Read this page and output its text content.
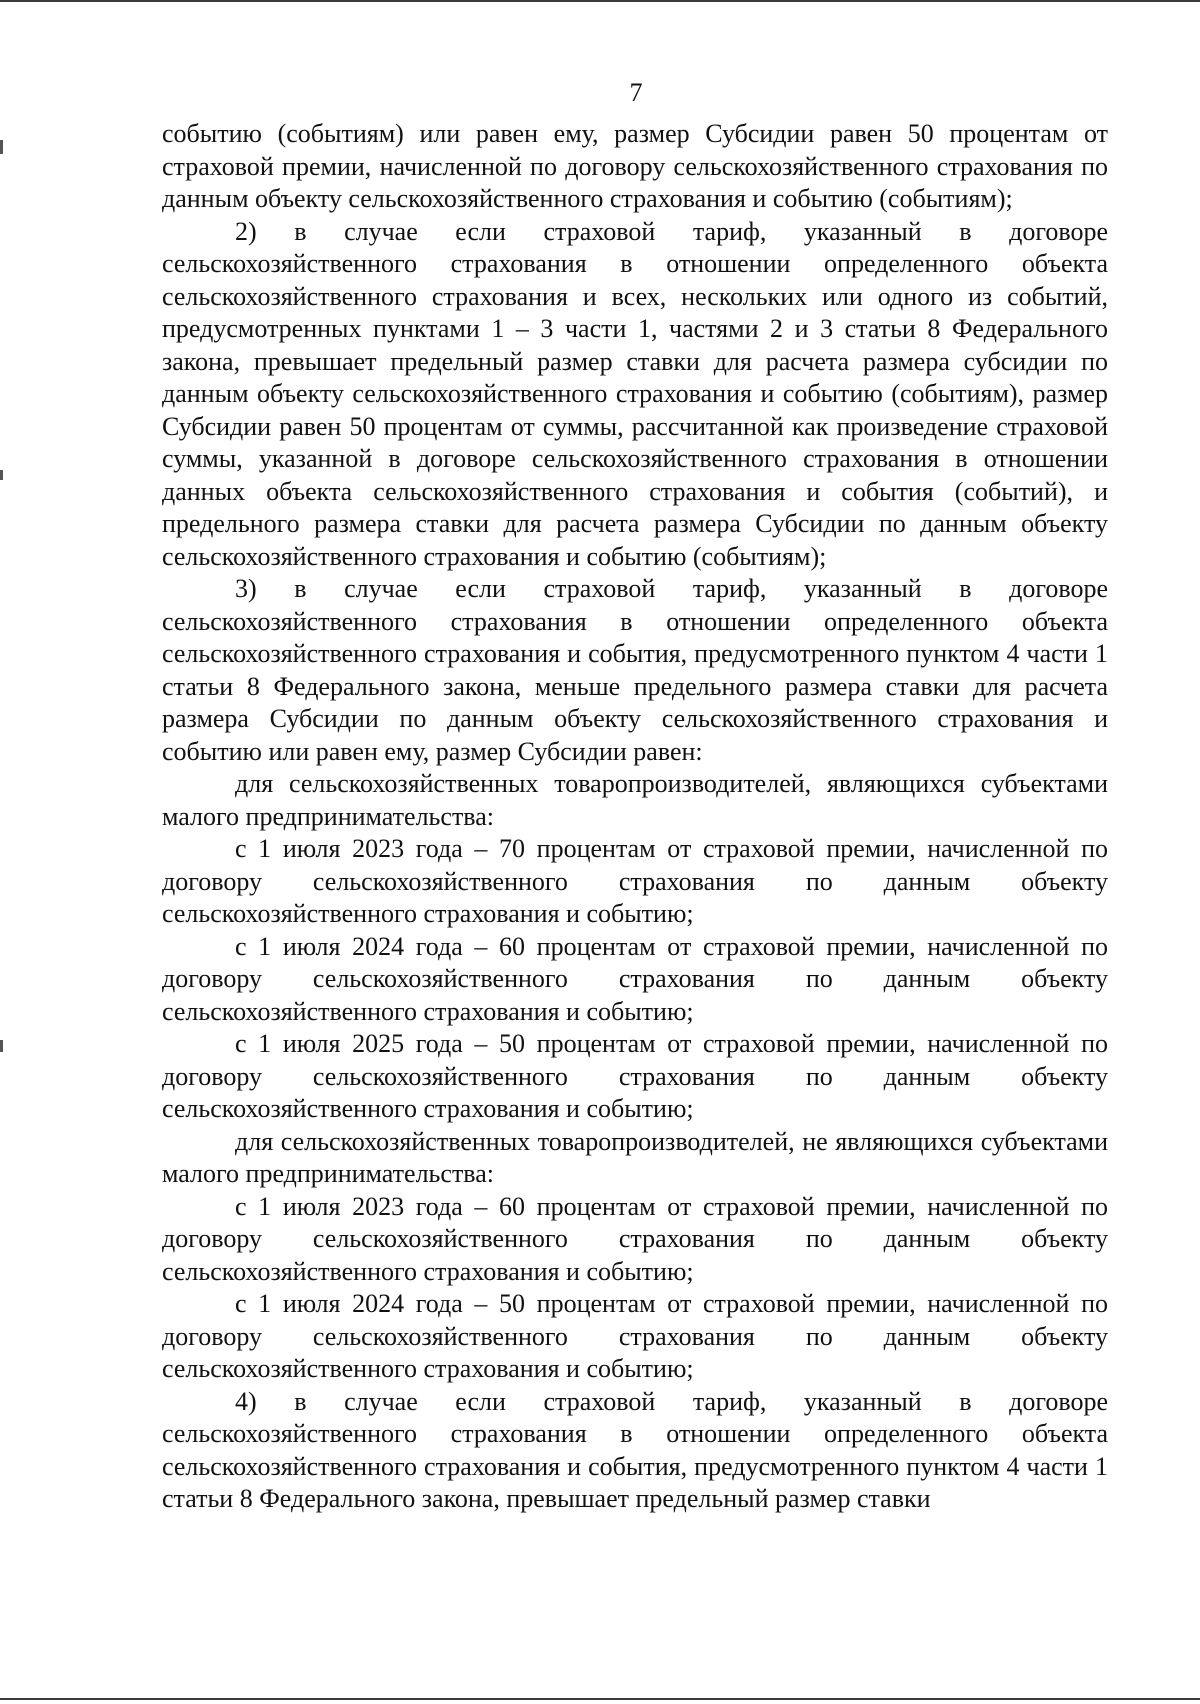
7

событию (событиям) или равен ему, размер Субсидии равен 50 процентам от страховой премии, начисленной по договору сельскохозяйственного страхования по данным объекту сельскохозяйственного страхования и событию (событиям);

2) в случае если страховой тариф, указанный в договоре сельскохозяйственного страхования в отношении определенного объекта сельскохозяйственного страхования и всех, нескольких или одного из событий, предусмотренных пунктами 1 – 3 части 1, частями 2 и 3 статьи 8 Федерального закона, превышает предельный размер ставки для расчета размера субсидии по данным объекту сельскохозяйственного страхования и событию (событиям), размер Субсидии равен 50 процентам от суммы, рассчитанной как произведение страховой суммы, указанной в договоре сельскохозяйственного страхования в отношении данных объекта сельскохозяйственного страхования и события (событий), и предельного размера ставки для расчета размера Субсидии по данным объекту сельскохозяйственного страхования и событию (событиям);

3) в случае если страховой тариф, указанный в договоре сельскохозяйственного страхования в отношении определенного объекта сельскохозяйственного страхования и события, предусмотренного пунктом 4 части 1 статьи 8 Федерального закона, меньше предельного размера ставки для расчета размера Субсидии по данным объекту сельскохозяйственного страхования и событию или равен ему, размер Субсидии равен:

для сельскохозяйственных товаропроизводителей, являющихся субъектами малого предпринимательства:

с 1 июля 2023 года – 70 процентам от страховой премии, начисленной по договору сельскохозяйственного страхования по данным объекту сельскохозяйственного страхования и событию;

с 1 июля 2024 года – 60 процентам от страховой премии, начисленной по договору сельскохозяйственного страхования по данным объекту сельскохозяйственного страхования и событию;

с 1 июля 2025 года – 50 процентам от страховой премии, начисленной по договору сельскохозяйственного страхования по данным объекту сельскохозяйственного страхования и событию;

для сельскохозяйственных товаропроизводителей, не являющихся субъектами малого предпринимательства:

с 1 июля 2023 года – 60 процентам от страховой премии, начисленной по договору сельскохозяйственного страхования по данным объекту сельскохозяйственного страхования и событию;

с 1 июля 2024 года – 50 процентам от страховой премии, начисленной по договору сельскохозяйственного страхования по данным объекту сельскохозяйственного страхования и событию;

4) в случае если страховой тариф, указанный в договоре сельскохозяйственного страхования в отношении определенного объекта сельскохозяйственного страхования и события, предусмотренного пунктом 4 части 1 статьи 8 Федерального закона, превышает предельный размер ставки
